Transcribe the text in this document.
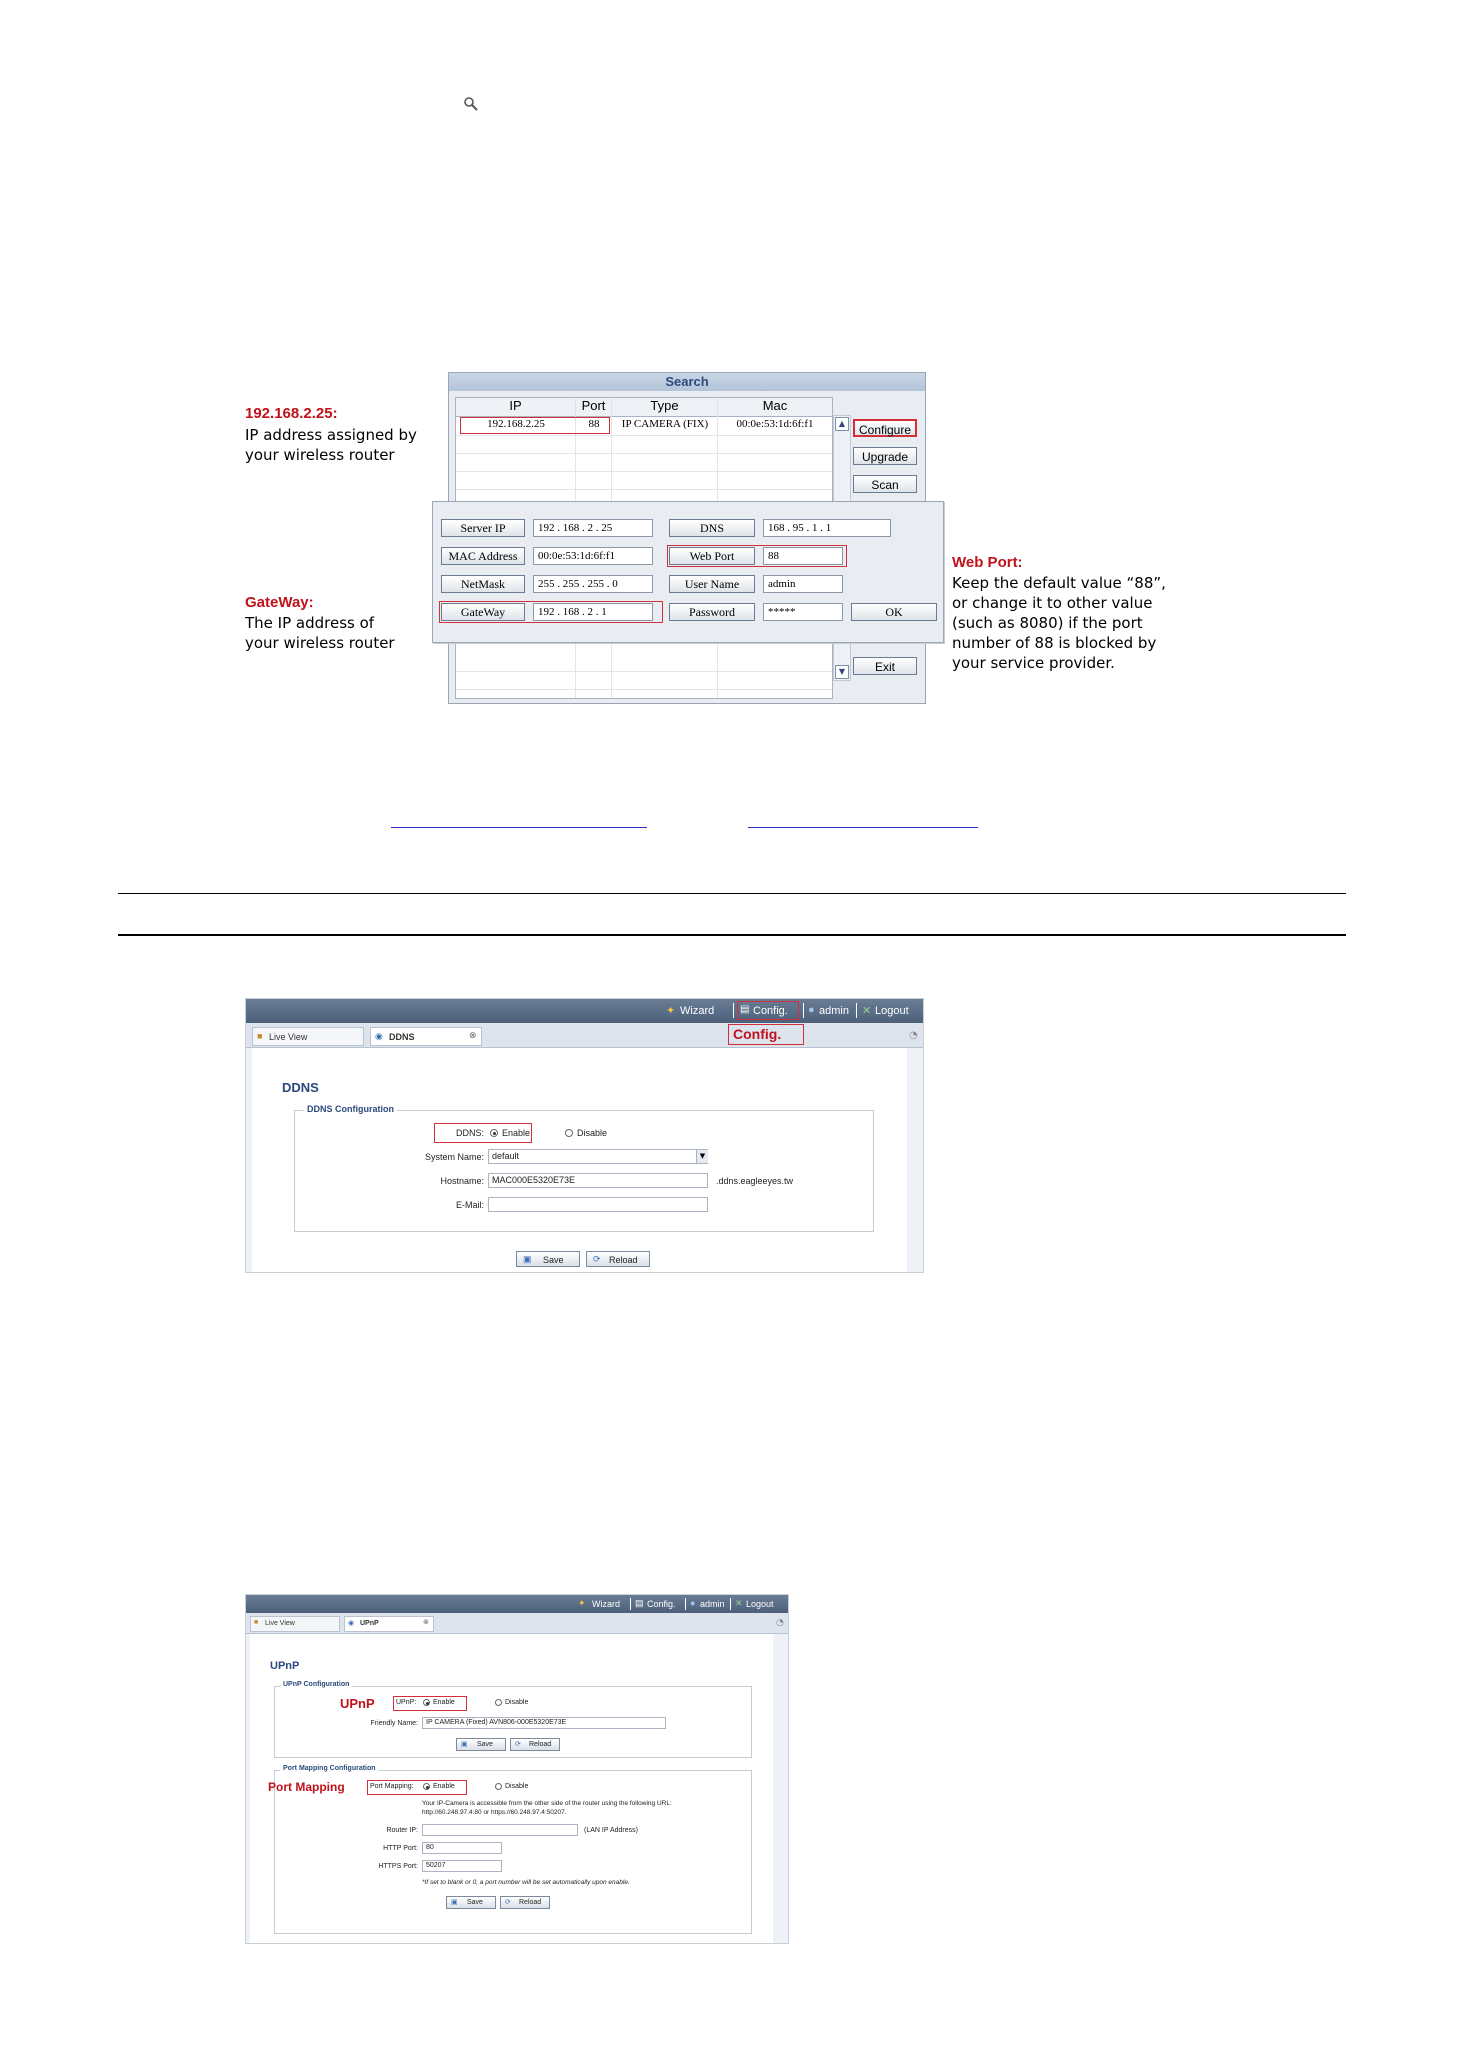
Search
IP	Port	Type	Mac
192.168.2.25	88	IP CAMERA (FIX)	00:0e:53:1d:6f:f1	▲
▼
Configure
Upgrade
Scan
Exit
Server IP	192 . 168 . 2 . 25
MAC Address	00:0e:53:1d:6f:f1
NetMask	255 . 255 . 255 . 0
GateWay	192 . 168 . 2 . 1
DNS	168 . 95 . 1 . 1
Web Port	88
User Name	admin
Password	*****	OK
192.168.2.25:
IP address assigned by
your wireless router
GateWay:
The IP address of
your wireless router
Web Port:
Keep the default value “88”,
or change it to other value
(such as 8080) if the port
number of 88 is blocked by
your service provider.
✦ Wizard	▤ Config. ● admin ✕ Logout
■ Live View	◉ DDNS	⊗	Config.	◔
DDNS
DDNS Configuration
DDNS: Enable	Disable
System Name: default	▼
Hostname: MAC000E5320E73E	.ddns.eagleeyes.tw
E-Mail:
▣ Save	⟳ Reload
✦ Wizard ▤ Config. ● admin ✕ Logout
■ Live View	◉ UPnP	⊗	◔
UPnP
UPnP Configuration
UPnP	UPnP: Enable	Disable
Friendly Name:	IP CAMERA (Fixed) AVN806-000E5320E73E
▣ Save	⟳ Reload
Port Mapping Configuration
Port Mapping	Port Mapping:	Enable	Disable
Your IP-Camera is accessible from the other side of the router using the following URL:
http://60.248.97.4:80 or https://60.248.97.4:50207.
Router IP:	(LAN IP Address)
HTTP Port:	80
HTTPS Port:	50207
*If set to blank or 0, a port number will be set automatically upon enable.
▣ Save	⟳ Reload
